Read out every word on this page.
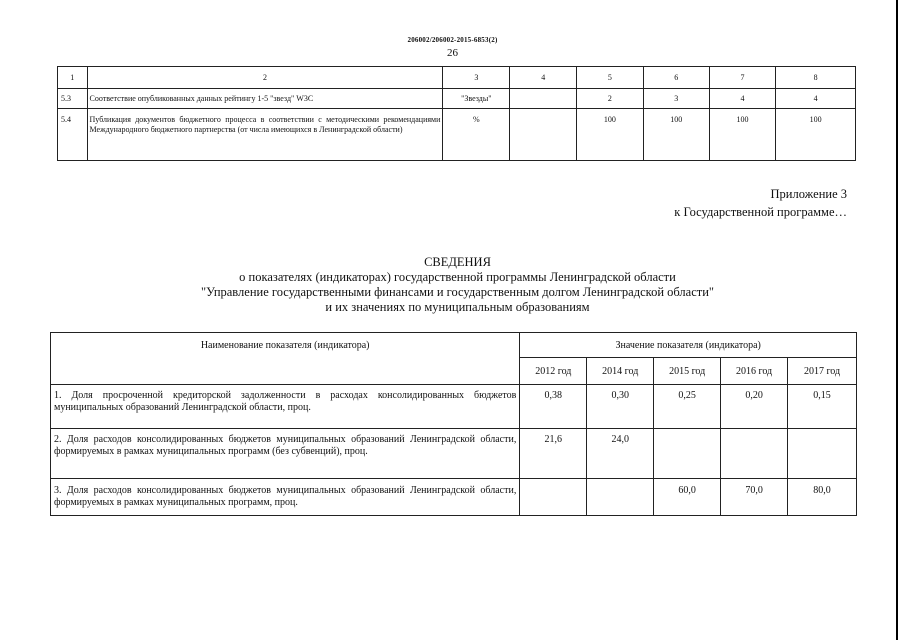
206002/206002-2015-6853(2)
26
1	2	3	4	5	6	7	8
5.3	Соответствие опубликованных данных рейтингу 1-5 "звезд" W3C	"Звезды"		2	3	4	4
5.4	Публикация документов бюджетного процесса в соответствии с методическими рекомендациями Международного бюджетного партнерства (от числа имеющихся в Ленинградской области)	%		100	100	100	100
Приложение 3
к Государственной программе…
СВЕДЕНИЯ
о показателях (индикаторах) государственной программы Ленинградской области
"Управление государственными финансами и государственным долгом Ленинградской области"
и их значениях по муниципальным образованиям
Наименование показателя (индикатора)	Значение показателя (индикатора)				
	2012 год	2014 год	2015 год	2016 год	2017 год
1. Доля просроченной кредиторской задолженности в расходах консолидированных бюджетов муниципальных образований Ленинградской области, проц.	0,38	0,30	0,25	0,20	0,15
2. Доля расходов консолидированных бюджетов муниципальных образований Ленинградской области, формируемых в рамках муниципальных программ (без субвенций), проц.	21,6	24,0			
3. Доля расходов консолидированных бюджетов муниципальных образований Ленинградской области, формируемых в рамках муниципальных программ, проц.			60,0	70,0	80,0
